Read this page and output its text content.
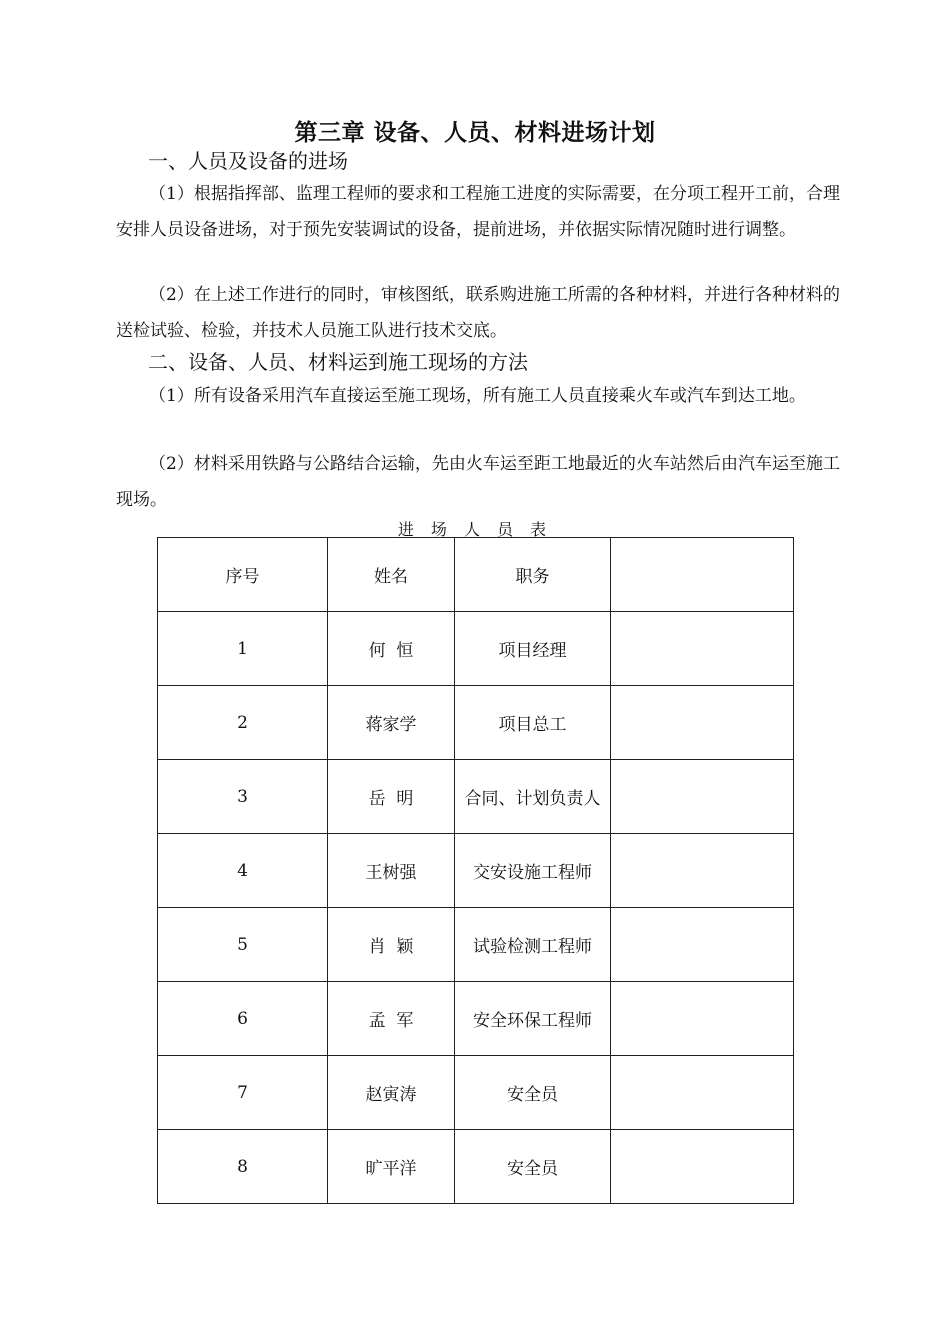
第三章 设备、人员、材料进场计划
一、人员及设备的进场
（1）根据指挥部、监理工程师的要求和工程施工进度的实际需要，在分项工程开工前，合理安排人员设备进场，对于预先安装调试的设备，提前进场，并依据实际情况随时进行调整。
（2）在上述工作进行的同时，审核图纸，联系购进施工所需的各种材料，并进行各种材料的送检试验、检验，并技术人员施工队进行技术交底。
二、设备、人员、材料运到施工现场的方法
（1）所有设备采用汽车直接运至施工现场，所有施工人员直接乘火车或汽车到达工地。
（2）材料采用铁路与公路结合运输，先由火车运至距工地最近的火车站然后由汽车运至施工现场。
进 场 人 员 表
序号	姓名	职务	
1	何  恒	项目经理	
2	蒋家学	项目总工	
3	岳  明	合同、计划负责人	
4	王树强	交安设施工程师	
5	肖  颖	试验检测工程师	
6	孟  军	安全环保工程师	
7	赵寅涛	安全员	
8	旷平洋	安全员	
